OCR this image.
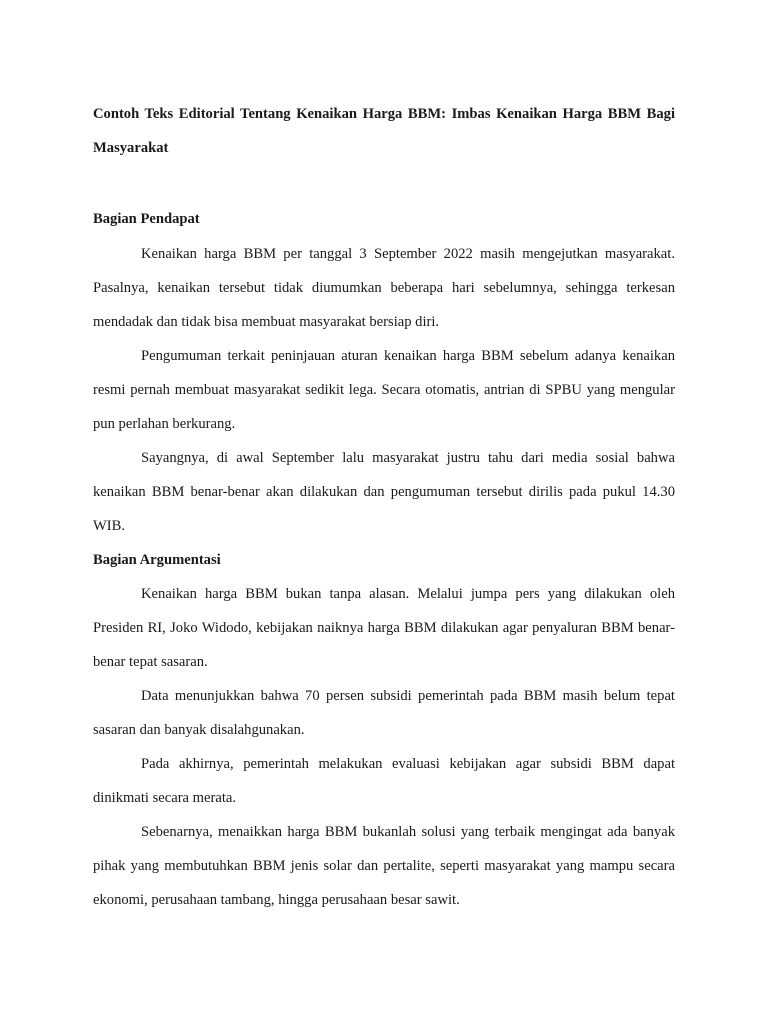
Contoh Teks Editorial Tentang Kenaikan Harga BBM: Imbas Kenaikan Harga BBM Bagi Masyarakat

Bagian Pendapat

Kenaikan harga BBM per tanggal 3 September 2022 masih mengejutkan masyarakat. Pasalnya, kenaikan tersebut tidak diumumkan beberapa hari sebelumnya, sehingga terkesan mendadak dan tidak bisa membuat masyarakat bersiap diri.

Pengumuman terkait peninjauan aturan kenaikan harga BBM sebelum adanya kenaikan resmi pernah membuat masyarakat sedikit lega. Secara otomatis, antrian di SPBU yang mengular pun perlahan berkurang.

Sayangnya, di awal September lalu masyarakat justru tahu dari media sosial bahwa kenaikan BBM benar-benar akan dilakukan dan pengumuman tersebut dirilis pada pukul 14.30 WIB.

Bagian Argumentasi

Kenaikan harga BBM bukan tanpa alasan. Melalui jumpa pers yang dilakukan oleh Presiden RI, Joko Widodo, kebijakan naiknya harga BBM dilakukan agar penyaluran BBM benar-benar tepat sasaran.

Data menunjukkan bahwa 70 persen subsidi pemerintah pada BBM masih belum tepat sasaran dan banyak disalahgunakan.

Pada akhirnya, pemerintah melakukan evaluasi kebijakan agar subsidi BBM dapat dinikmati secara merata.

Sebenarnya, menaikkan harga BBM bukanlah solusi yang terbaik mengingat ada banyak pihak yang membutuhkan BBM jenis solar dan pertalite, seperti masyarakat yang mampu secara ekonomi, perusahaan tambang, hingga perusahaan besar sawit.
